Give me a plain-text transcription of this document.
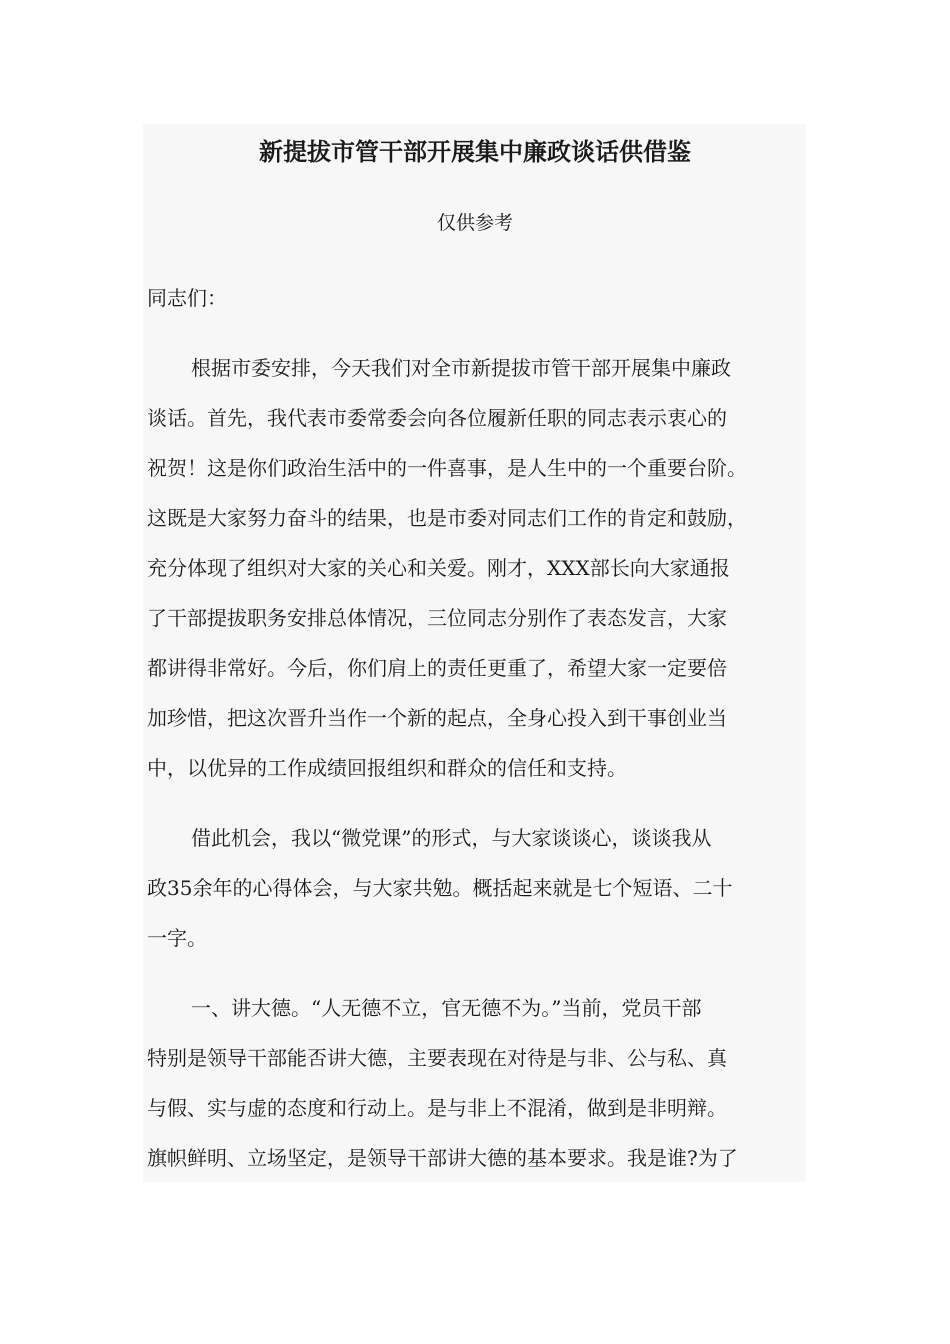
新提拔市管干部开展集中廉政谈话供借鉴

仅供参考

同志们：

根据市委安排，今天我们对全市新提拔市管干部开展集中廉政

谈话。首先，我代表市委常委会向各位履新任职的同志表示衷心的

祝贺！这是你们政治生活中的一件喜事，是人生中的一个重要台阶。

这既是大家努力奋斗的结果，也是市委对同志们工作的肯定和鼓励，

充分体现了组织对大家的关心和关爱。刚才，XXX部长向大家通报

了干部提拔职务安排总体情况，三位同志分别作了表态发言，大家

都讲得非常好。今后，你们肩上的责任更重了，希望大家一定要倍

加珍惜，把这次晋升当作一个新的起点，全身心投入到干事创业当

中，以优异的工作成绩回报组织和群众的信任和支持。

借此机会，我以“微党课”的形式，与大家谈谈心，谈谈我从

政35余年的心得体会，与大家共勉。概括起来就是七个短语、二十

一字。

一、讲大德。“人无德不立，官无德不为。”当前，党员干部

特别是领导干部能否讲大德，主要表现在对待是与非、公与私、真

与假、实与虚的态度和行动上。是与非上不混淆，做到是非明辩。

旗帜鲜明、立场坚定，是领导干部讲大德的基本要求。我是谁?为了
